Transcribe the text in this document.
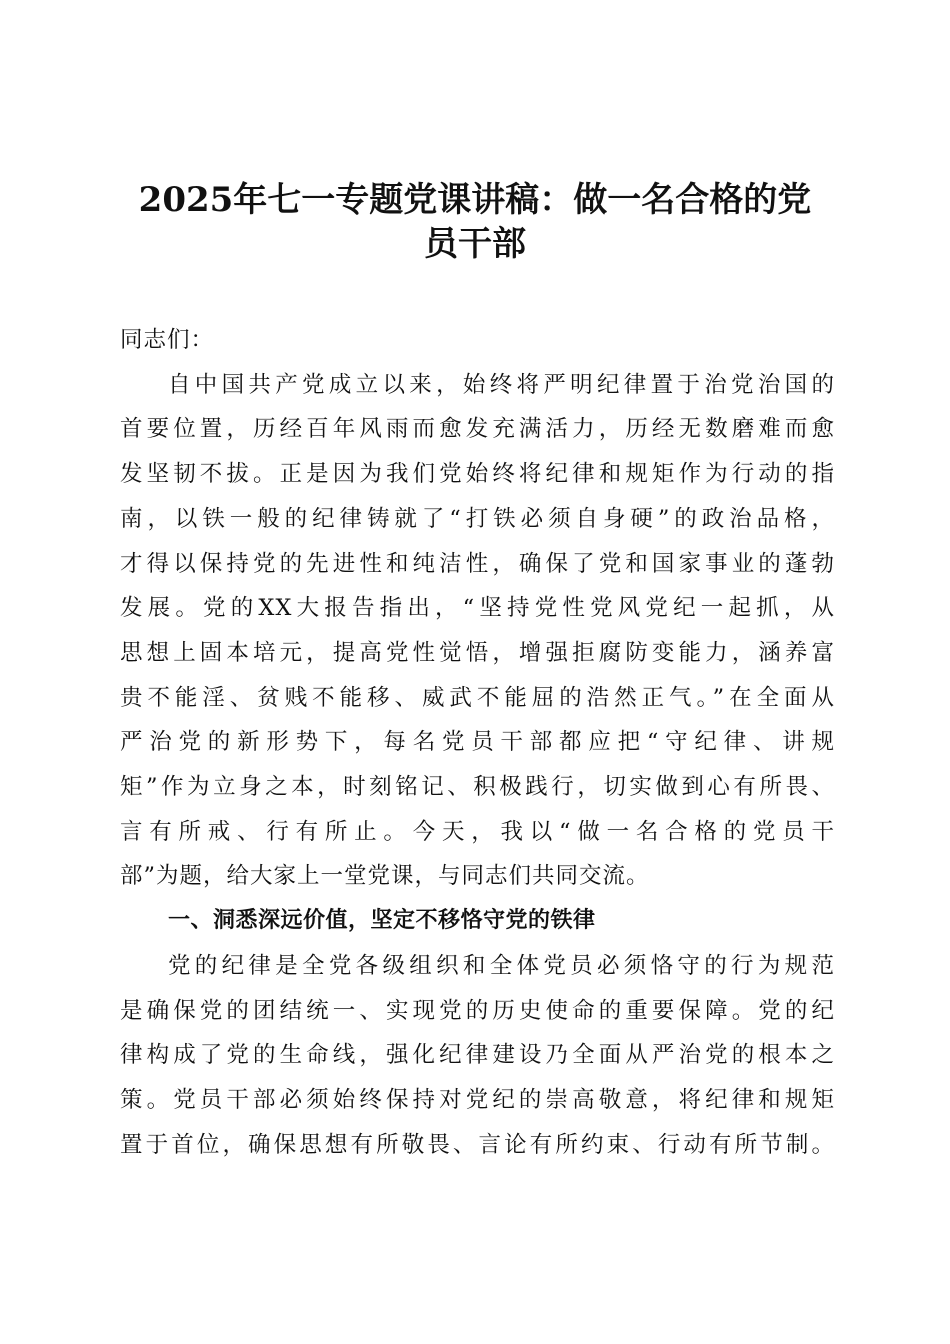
2025年七一专题党课讲稿：做一名合格的党
员干部
同志们：
自中国共产党成立以来，始终将严明纪律置于治党治国的
首要位置，历经百年风雨而愈发充满活力，历经无数磨难而愈
发坚韧不拔。正是因为我们党始终将纪律和规矩作为行动的指
南，以铁一般的纪律铸就了“打铁必须自身硬”的政治品格，
才得以保持党的先进性和纯洁性，确保了党和国家事业的蓬勃
发展。党的XX大报告指出，“坚持党性党风党纪一起抓，从
思想上固本培元，提高党性觉悟，增强拒腐防变能力，涵养富
贵不能淫、贫贱不能移、威武不能屈的浩然正气。”在全面从
严治党的新形势下，每名党员干部都应把“守纪律、讲规
矩”作为立身之本，时刻铭记、积极践行，切实做到心有所畏、
言有所戒、行有所止。今天，我以“做一名合格的党员干
部”为题，给大家上一堂党课，与同志们共同交流。
一、洞悉深远价值，坚定不移恪守党的铁律
党的纪律是全党各级组织和全体党员必须恪守的行为规范
是确保党的团结统一、实现党的历史使命的重要保障。党的纪
律构成了党的生命线，强化纪律建设乃全面从严治党的根本之
策。党员干部必须始终保持对党纪的崇高敬意，将纪律和规矩
置于首位，确保思想有所敬畏、言论有所约束、行动有所节制。
